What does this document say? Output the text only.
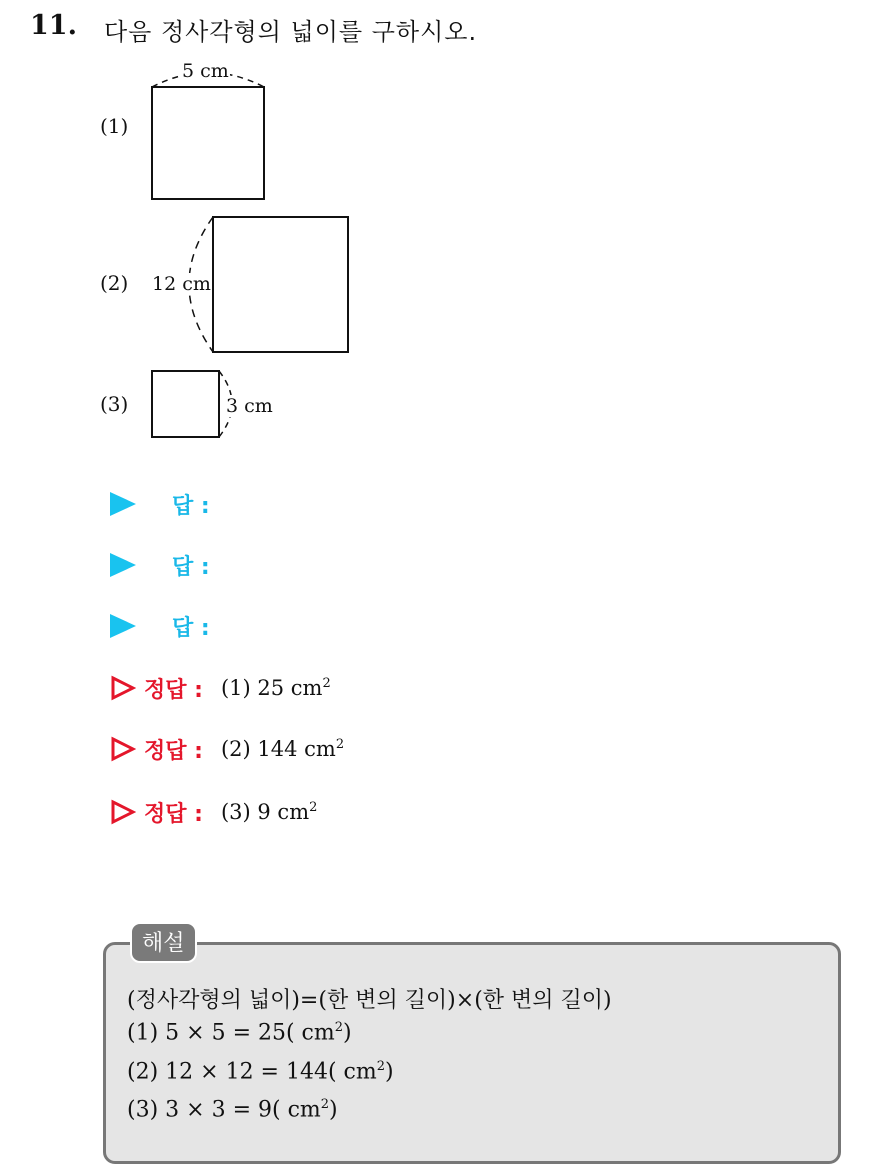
11. 다음 정사각형의 넓이를 구하시오.
(1)
5 cm
(2) 12 cm
(3)	3 cm
답 :
답 :
답 :
정답 : (1) 25 $cm^2$
정답 : (2) 144 $cm^2$
정답 : (3) 9 $cm^2$
해설
(정사각형의 넓이)=(한 변의 길이)×(한 변의 길이)
(1) 5 × 5 = 25( $cm^2$)
(2) 12 × 12 = 144( $cm^2$)
(3) 3 × 3 = 9( $cm^2$)
